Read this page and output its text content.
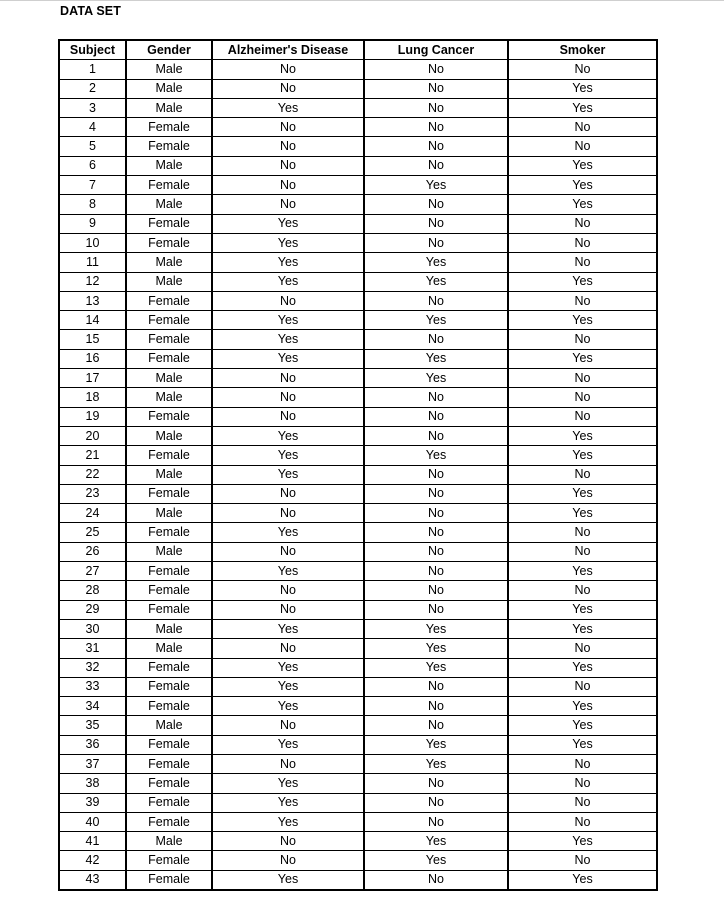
DATA SET
Subject	Gender	Alzheimer's Disease	Lung Cancer	Smoker
1	Male	No	No	No
2	Male	No	No	Yes
3	Male	Yes	No	Yes
4	Female	No	No	No
5	Female	No	No	No
6	Male	No	No	Yes
7	Female	No	Yes	Yes
8	Male	No	No	Yes
9	Female	Yes	No	No
10	Female	Yes	No	No
11	Male	Yes	Yes	No
12	Male	Yes	Yes	Yes
13	Female	No	No	No
14	Female	Yes	Yes	Yes
15	Female	Yes	No	No
16	Female	Yes	Yes	Yes
17	Male	No	Yes	No
18	Male	No	No	No
19	Female	No	No	No
20	Male	Yes	No	Yes
21	Female	Yes	Yes	Yes
22	Male	Yes	No	No
23	Female	No	No	Yes
24	Male	No	No	Yes
25	Female	Yes	No	No
26	Male	No	No	No
27	Female	Yes	No	Yes
28	Female	No	No	No
29	Female	No	No	Yes
30	Male	Yes	Yes	Yes
31	Male	No	Yes	No
32	Female	Yes	Yes	Yes
33	Female	Yes	No	No
34	Female	Yes	No	Yes
35	Male	No	No	Yes
36	Female	Yes	Yes	Yes
37	Female	No	Yes	No
38	Female	Yes	No	No
39	Female	Yes	No	No
40	Female	Yes	No	No
41	Male	No	Yes	Yes
42	Female	No	Yes	No
43	Female	Yes	No	Yes
